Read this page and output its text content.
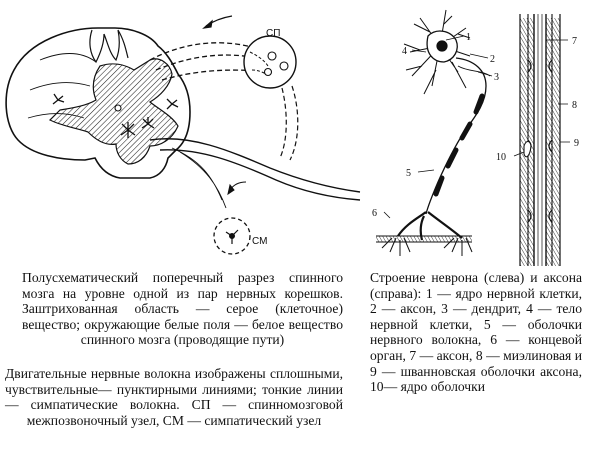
СП
СМ
4
1
2
3
5
6
7
8
9
10

Полусхематический поперечный разрез спинного мозга на уровне одной из пар нервных корешков. Заштрихованная область — серое (клеточное) вещество; окружающие белые поля — белое вещество спинного мозга (проводящие пути)

Двигательные нервные волокна изображены сплошными, чувствительные— пунктирными линиями; тонкие линии — симпатические волокна. СП — спинномозговой межпозвоночный узел, СМ — симпатический узел

Строение неврона (слева) и аксона (справа): 1 — ядро нервной клетки, 2 — аксон, 3 — дендрит, 4 — тело нервной клетки, 5 — оболочки нервного волокна, 6 — концевой орган, 7 — аксон, 8 — миэлиновая и 9 — шванновская оболочки аксона, 10— ядро оболочки
